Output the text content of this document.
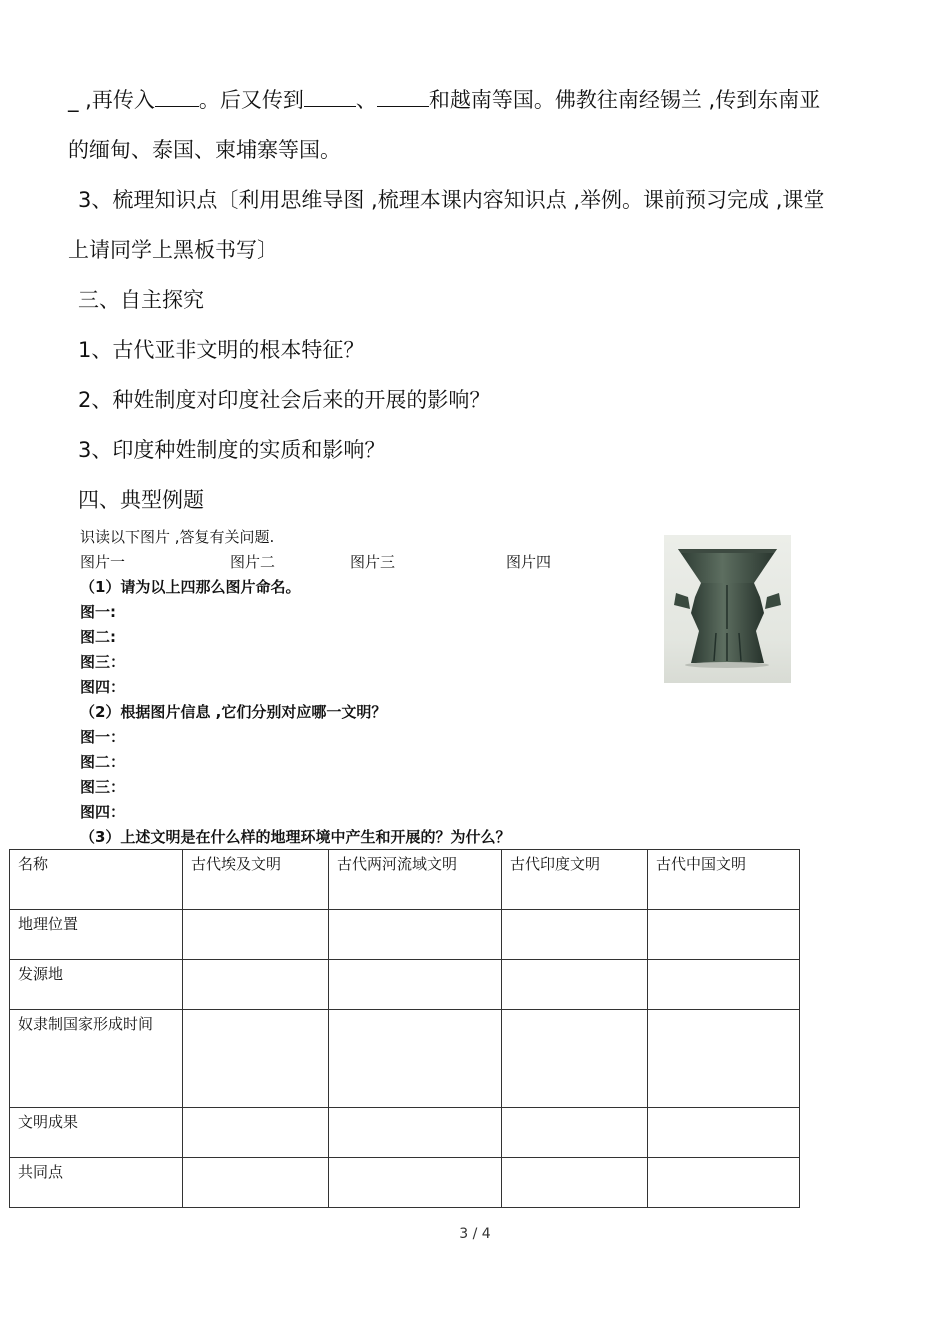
_ ,再传入 。后又传到 、 和越南等国。佛教往南经锡兰 ,传到东南亚
的缅甸、泰国、柬埔寨等国。
3、梳理知识点〔利用思维导图 ,梳理本课内容知识点 ,举例。课前预习完成 ,课堂
上请同学上黑板书写〕
三、自主探究
1、古代亚非文明的根本特征？
2、种姓制度对印度社会后来的开展的影响？
3、印度种姓制度的实质和影响？
四、典型例题
识读以下图片 ,答复有关问题.
图片一	图片二	图片三	图片四
（1）请为以上四那么图片命名。
图一:
图二:
图三：
图四：
（2）根据图片信息 ,它们分别对应哪一文明？
图一：
图二：
图三：
图四：
（3）上述文明是在什么样的地理环境中产生和开展的？为什么？
名称	古代埃及文明	古代两河流域文明	古代印度文明	古代中国文明
地理位置				
发源地				
奴隶制国家形成时间				
文明成果				
共同点				
3 / 4
